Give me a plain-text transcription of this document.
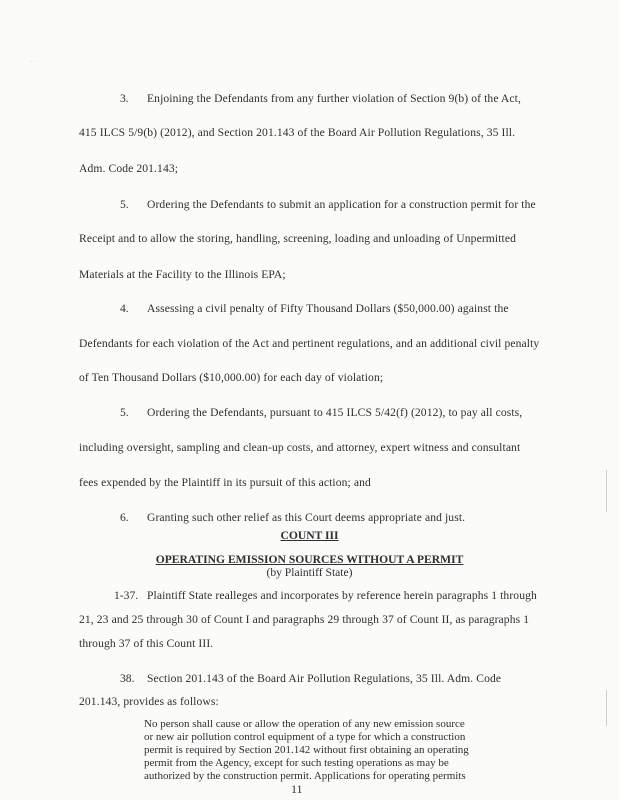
· ·
3. Enjoining the Defendants from any further violation of Section 9(b) of the Act,
415 ILCS 5/9(b) (2012), and Section 201.143 of the Board Air Pollution Regulations, 35 Ill.
Adm. Code 201.143;
5. Ordering the Defendants to submit an application for a construction permit for the
Receipt and to allow the storing, handling, screening, loading and unloading of Unpermitted
Materials at the Facility to the Illinois EPA;
4. Assessing a civil penalty of Fifty Thousand Dollars ($50,000.00) against the
Defendants for each violation of the Act and pertinent regulations, and an additional civil penalty
of Ten Thousand Dollars ($10,000.00) for each day of violation;
5. Ordering the Defendants, pursuant to 415 ILCS 5/42(f) (2012), to pay all costs,
including oversight, sampling and clean-up costs, and attorney, expert witness and consultant
fees expended by the Plaintiff in its pursuit of this action; and
6. Granting such other relief as this Court deems appropriate and just.
COUNT III
OPERATING EMISSION SOURCES WITHOUT A PERMIT
(by Plaintiff State)
1-37. Plaintiff State realleges and incorporates by reference herein paragraphs 1 through
21, 23 and 25 through 30 of Count I and paragraphs 29 through 37 of Count II, as paragraphs 1
through 37 of this Count III.
38. Section 201.143 of the Board Air Pollution Regulations, 35 Ill. Adm. Code
201.143, provides as follows:
11
No person shall cause or allow the operation of any new emission source
or new air pollution control equipment of a type for which a construction
permit is required by Section 201.142 without first obtaining an operating
permit from the Agency, except for such testing operations as may be
authorized by the construction permit. Applications for operating permits
